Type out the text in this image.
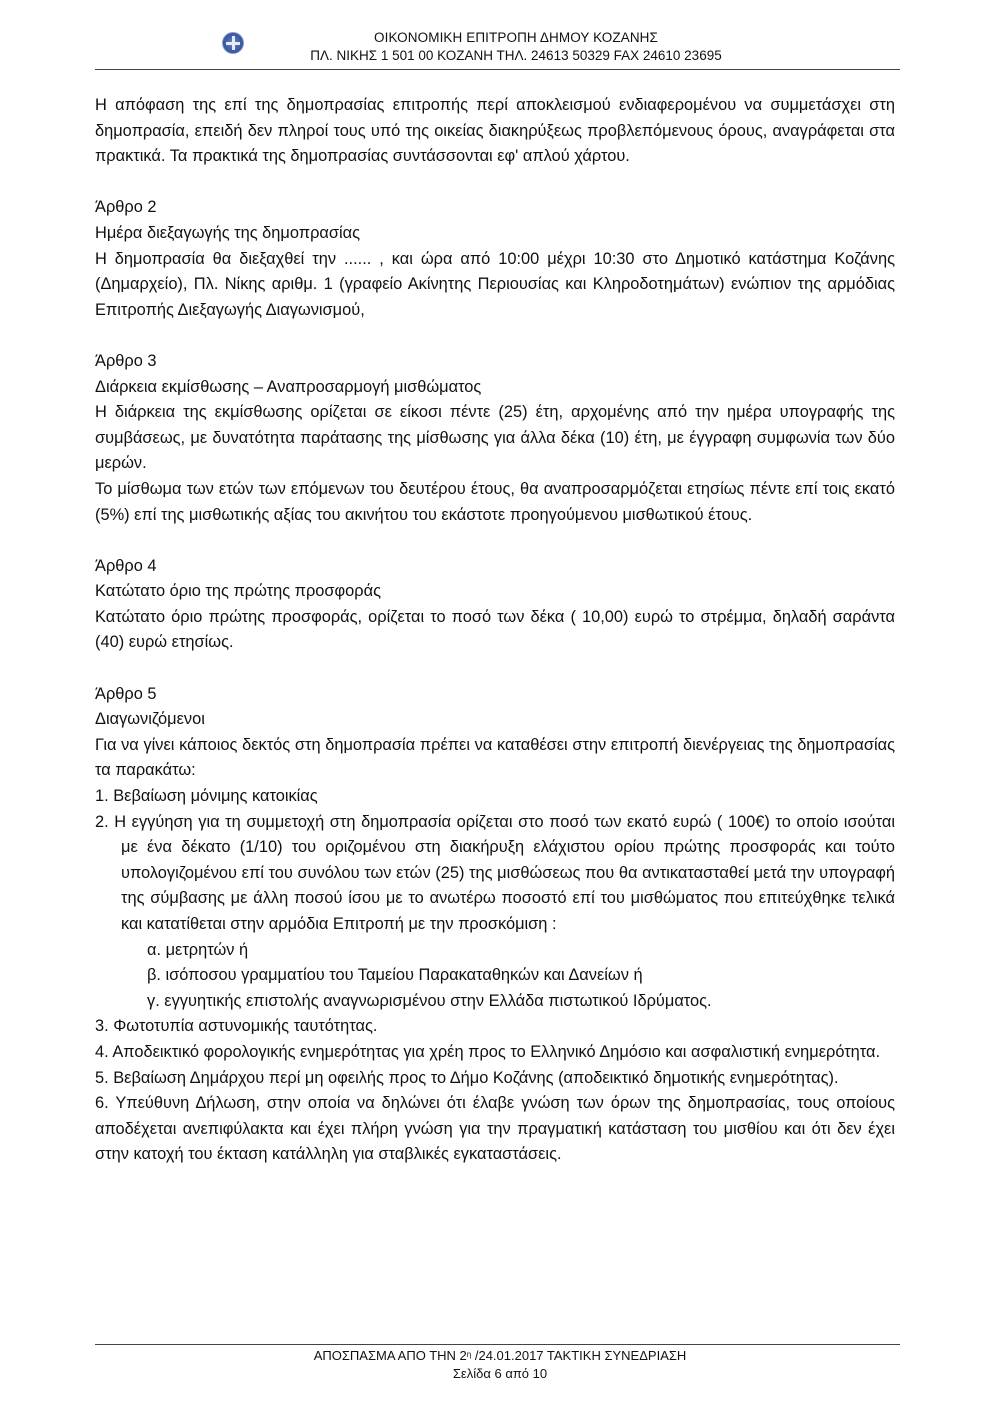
ΟΙΚΟΝΟΜΙΚΗ ΕΠΙΤΡΟΠΗ ΔΗΜΟΥ ΚΟΖΑΝΗΣ
ΠΛ. ΝΙΚΗΣ 1 501 00 ΚΟΖΑΝΗ ΤΗΛ. 24613 50329 FAX 24610 23695

Η απόφαση της επί της δημοπρασίας επιτροπής περί αποκλεισμού ενδιαφερομένου να συμμετάσχει στη δημοπρασία, επειδή δεν πληροί τους υπό της οικείας διακηρύξεως προβλεπόμενους όρους, αναγράφεται στα πρακτικά. Τα πρακτικά της δημοπρασίας συντάσσονται εφ' απλού χάρτου.

Άρθρο 2

Ημέρα διεξαγωγής της δημοπρασίας

Η δημοπρασία θα διεξαχθεί την ...... , και ώρα από 10:00 μέχρι 10:30 στο Δημοτικό κατάστημα Κοζάνης (Δημαρχείο), Πλ. Νίκης αριθμ. 1 (γραφείο Ακίνητης Περιουσίας και Κληροδοτημάτων) ενώπιον της αρμόδιας Επιτροπής Διεξαγωγής Διαγωνισμού,

Άρθρο 3

Διάρκεια εκμίσθωσης – Αναπροσαρμογή μισθώματος

Η διάρκεια της εκμίσθωσης ορίζεται σε είκοσι πέντε (25) έτη, αρχομένης από την ημέρα υπογραφής της συμβάσεως, με δυνατότητα παράτασης της μίσθωσης για άλλα δέκα (10) έτη, με έγγραφη συμφωνία των δύο μερών.

Το μίσθωμα των ετών των επόμενων του δευτέρου έτους, θα αναπροσαρμόζεται ετησίως πέντε επί τοις εκατό (5%) επί της μισθωτικής αξίας του ακινήτου του εκάστοτε προηγούμενου μισθωτικού έτους.

Άρθρο 4

Κατώτατο όριο της πρώτης προσφοράς

Κατώτατο όριο πρώτης προσφοράς, ορίζεται το ποσό των δέκα ( 10,00) ευρώ το στρέμμα, δηλαδή σαράντα (40) ευρώ ετησίως.

Άρθρο 5

Διαγωνιζόμενοι

Για να γίνει κάποιος δεκτός στη δημοπρασία πρέπει να καταθέσει στην επιτροπή διενέργειας της δημοπρασίας τα παρακάτω:

1. Βεβαίωση μόνιμης κατοικίας

2. Η εγγύηση για τη συμμετοχή στη δημοπρασία ορίζεται στο ποσό των εκατό ευρώ ( 100€) το οποίο ισούται με ένα δέκατο (1/10) του οριζομένου στη διακήρυξη ελάχιστου ορίου πρώτης προσφοράς και τούτο υπολογιζομένου επί του συνόλου των ετών (25) της μισθώσεως που θα αντικατασταθεί μετά την υπογραφή της σύμβασης με άλλη ποσού ίσου με το ανωτέρω ποσοστό επί του μισθώματος που επιτεύχθηκε τελικά και κατατίθεται στην αρμόδια Επιτροπή με την προσκόμιση :

α. μετρητών ή

β. ισόποσου γραμματίου του Ταμείου Παρακαταθηκών και Δανείων ή

γ. εγγυητικής επιστολής αναγνωρισμένου στην Ελλάδα πιστωτικού Ιδρύματος.

3. Φωτοτυπία αστυνομικής ταυτότητας.

4. Αποδεικτικό φορολογικής ενημερότητας για χρέη προς το Ελληνικό Δημόσιο και ασφαλιστική ενημερότητα.

5. Βεβαίωση Δημάρχου περί μη οφειλής προς το Δήμο Κοζάνης (αποδεικτικό δημοτικής ενημερότητας).

6. Υπεύθυνη Δήλωση, στην οποία να δηλώνει ότι έλαβε γνώση των όρων της δημοπρασίας, τους οποίους αποδέχεται ανεπιφύλακτα και έχει πλήρη γνώση για την πραγματική κατάσταση του μισθίου και ότι δεν έχει στην κατοχή του έκταση κατάλληλη για σταβλικές εγκαταστάσεις.

ΑΠΟΣΠΑΣΜΑ ΑΠΟ ΤΗΝ $2^\eta$ /24.01.2017 ΤΑΚΤΙΚΗ ΣΥΝΕΔΡΙΑΣΗ
Σελίδα 6 από 10
